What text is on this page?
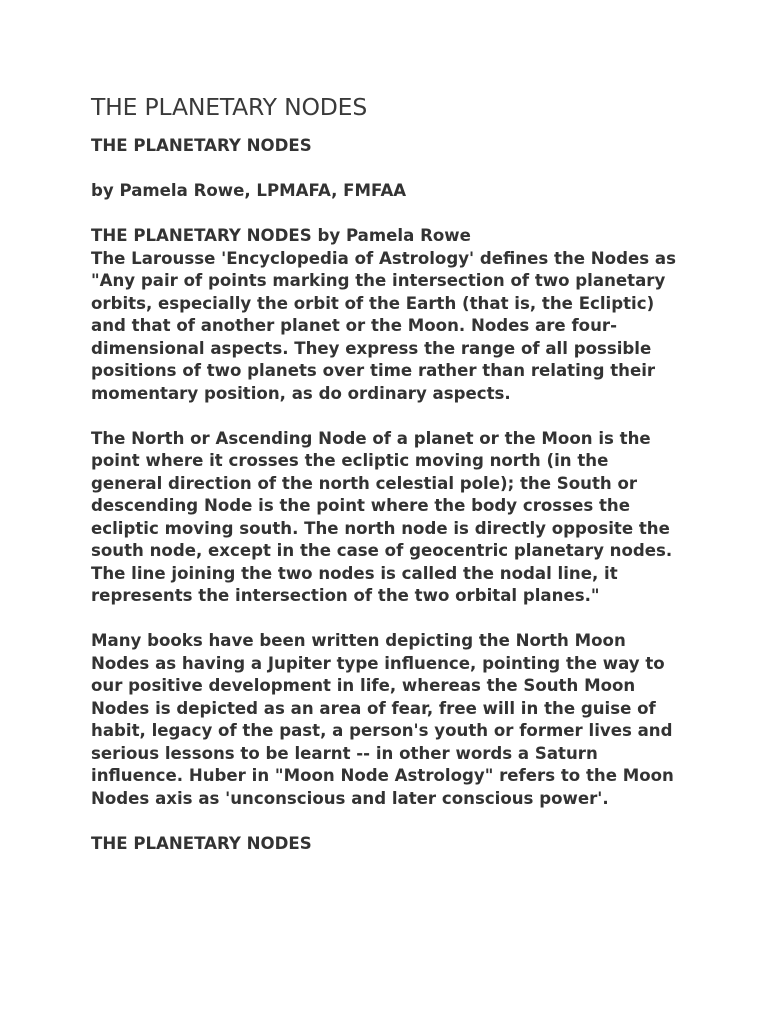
THE PLANETARY NODES

THE PLANETARY NODES

by Pamela Rowe, LPMAFA, FMFAA

THE PLANETARY NODES by Pamela Rowe
The Larousse 'Encyclopedia of Astrology' defines the Nodes as
"Any pair of points marking the intersection of two planetary
orbits, especially the orbit of the Earth (that is, the Ecliptic)
and that of another planet or the Moon. Nodes are four-
dimensional aspects. They express the range of all possible
positions of two planets over time rather than relating their
momentary position, as do ordinary aspects.

The North or Ascending Node of a planet or the Moon is the
point where it crosses the ecliptic moving north (in the
general direction of the north celestial pole); the South or
descending Node is the point where the body crosses the
ecliptic moving south. The north node is directly opposite the
south node, except in the case of geocentric planetary nodes.
The line joining the two nodes is called the nodal line, it
represents the intersection of the two orbital planes."

Many books have been written depicting the North Moon
Nodes as having a Jupiter type influence, pointing the way to
our positive development in life, whereas the South Moon
Nodes is depicted as an area of fear, free will in the guise of
habit, legacy of the past, a person's youth or former lives and
serious lessons to be learnt -- in other words a Saturn
influence. Huber in "Moon Node Astrology" refers to the Moon
Nodes axis as 'unconscious and later conscious power'.

THE PLANETARY NODES
